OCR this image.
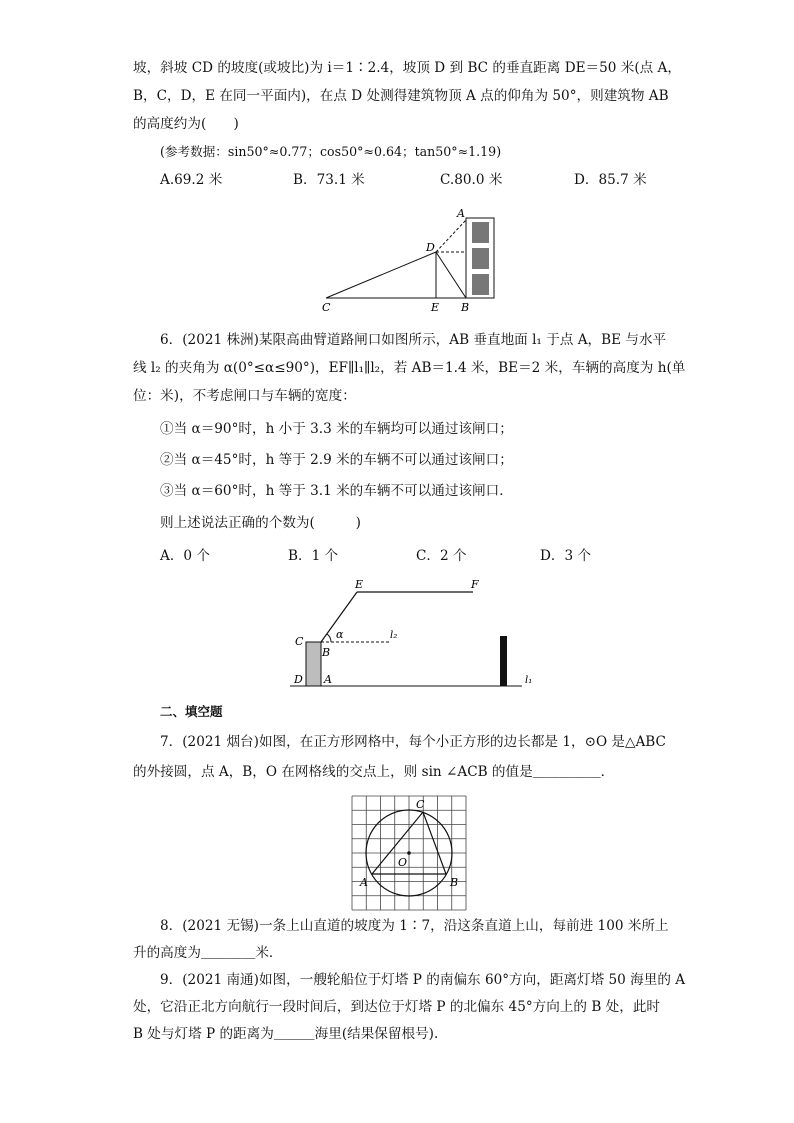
坡，斜坡 CD 的坡度(或坡比)为 i＝1∶2.4，坡顶 D 到 BC 的垂直距离 DE＝50 米(点 A，
B，C，D，E 在同一平面内)，在点 D 处测得建筑物顶 A 点的仰角为 50°，则建筑物 AB
的高度约为(　　)
(参考数据：sin50°≈0.77；cos50°≈0.64；tan50°≈1.19)
A.69.2 米	B．73.1 米	C.80.0 米	D．85.7 米
A
D
C	E B
6．(2021 株洲)某限高曲臂道路闸口如图所示，AB 垂直地面 l₁ 于点 A，BE 与水平
线 l₂ 的夹角为 α(0°≤α≤90°)，EF∥l₁∥l₂，若 AB＝1.4 米，BE＝2 米，车辆的高度为 h(单
位：米)，不考虑闸口与车辆的宽度：
①当 α＝90°时，h 小于 3.3 米的车辆均可以通过该闸口；
②当 α＝45°时，h 等于 2.9 米的车辆不可以通过该闸口；
③当 α＝60°时，h 等于 3.1 米的车辆不可以通过该闸口．
则上述说法正确的个数为(　　　)
A．0 个	B．1 个	C．2 个	D．3 个
E	F
C
B
α	l₂
D A	l₁
二、填空题
7．(2021 烟台)如图，在正方形网格中，每个小正方形的边长都是 1，⊙O 是△ABC
的外接圆，点 A，B，O 在网格线的交点上，则 sin ∠ACB 的值是＿＿＿＿＿．
C
O
A	B
8．(2021 无锡)一条上山直道的坡度为 1∶7，沿这条直道上山，每前进 100 米所上
升的高度为＿＿＿＿米．
9．(2021 南通)如图，一艘轮船位于灯塔 P 的南偏东 60°方向，距离灯塔 50 海里的 A
处，它沿正北方向航行一段时间后，到达位于灯塔 P 的北偏东 45°方向上的 B 处，此时
B 处与灯塔 P 的距离为＿＿＿海里(结果保留根号).
